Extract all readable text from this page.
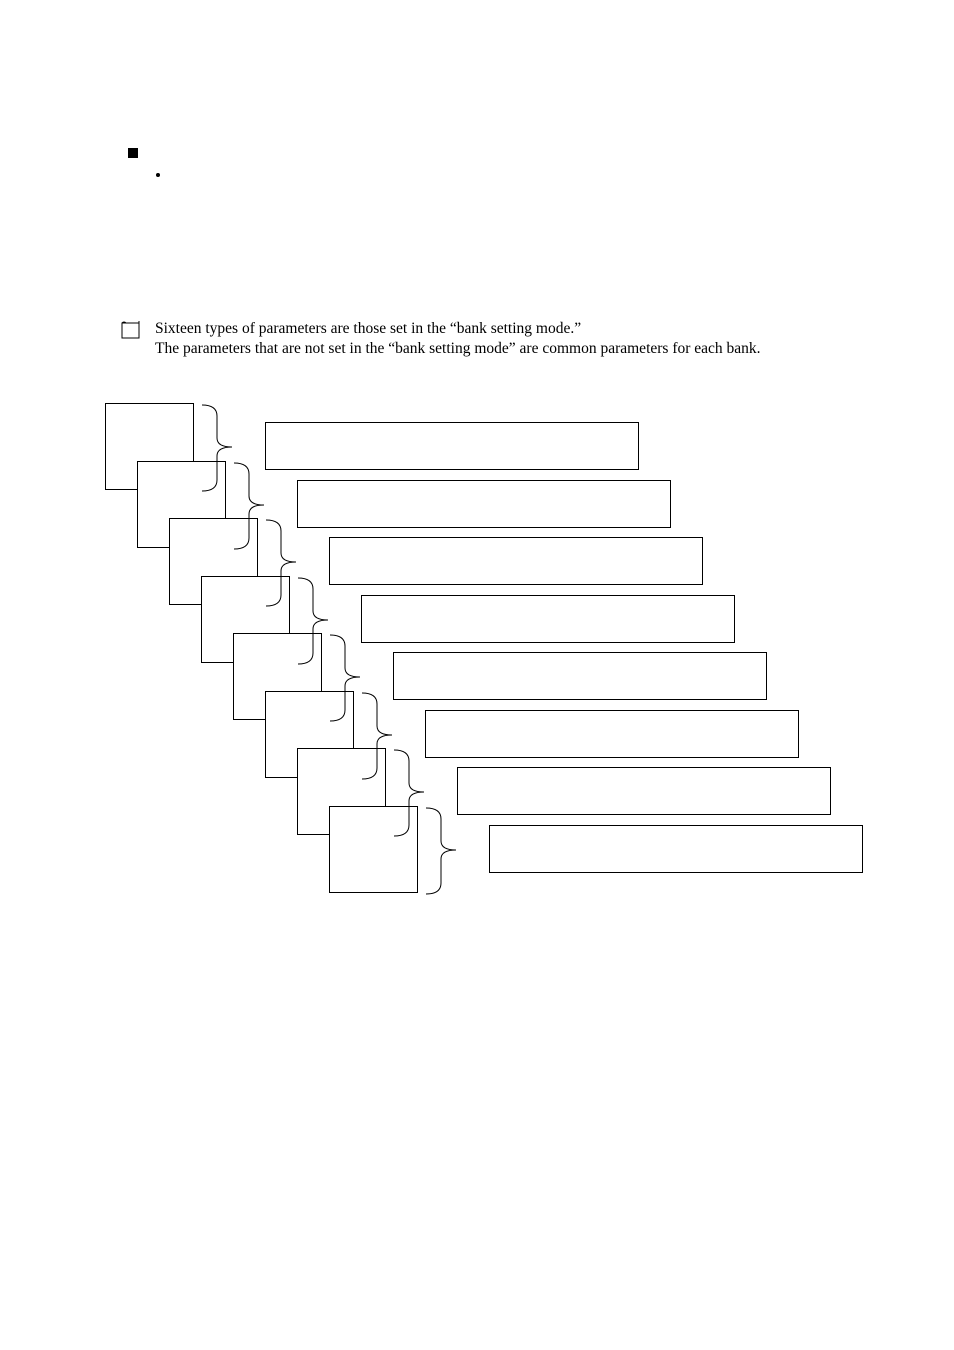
Sixteen types of parameters are those set in the “bank setting mode.”
The parameters that are not set in the “bank setting mode” are common parameters for each bank.
